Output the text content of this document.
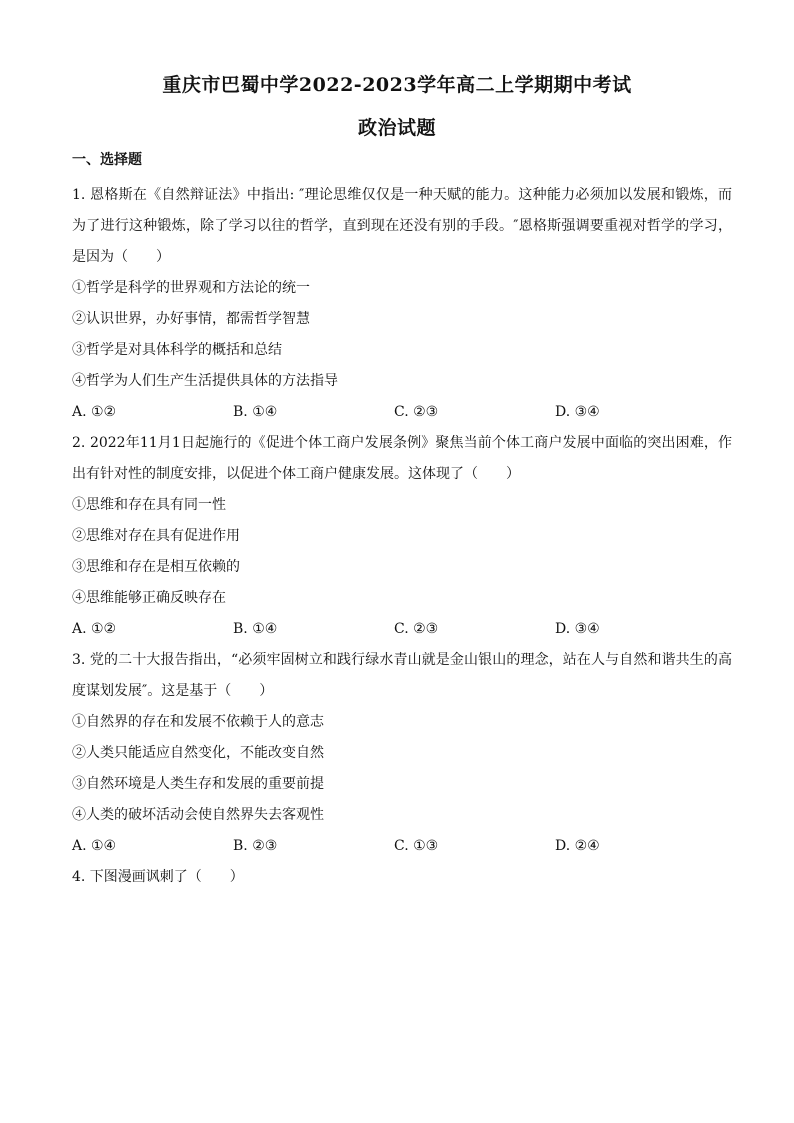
重庆市巴蜀中学2022-2023学年高二上学期期中考试
政治试题
一、选择题
1. 恩格斯在《自然辩证法》中指出: ″理论思维仅仅是一种天赋的能力。这种能力必须加以发展和锻炼，而为了进行这种锻炼，除了学习以往的哲学，直到现在还没有别的手段。″恩格斯强调要重视对哲学的学习，是因为（　　）
①哲学是科学的世界观和方法论的统一
②认识世界，办好事情，都需哲学智慧
③哲学是对具体科学的概括和总结
④哲学为人们生产生活提供具体的方法指导
A. ①②	B. ①④	C. ②③	D. ③④
2. 2022年11月1日起施行的《促进个体工商户发展条例》聚焦当前个体工商户发展中面临的突出困难，作出有针对性的制度安排，以促进个体工商户健康发展。这体现了（　　）
①思维和存在具有同一性
②思维对存在具有促进作用
③思维和存在是相互依赖的
④思维能够正确反映存在
A. ①②	B. ①④	C. ②③	D. ③④
3. 党的二十大报告指出，“必须牢固树立和践行绿水青山就是金山银山的理念，站在人与自然和谐共生的高度谋划发展″。这是基于（　　）
①自然界的存在和发展不依赖于人的意志
②人类只能适应自然变化，不能改变自然
③自然环境是人类生存和发展的重要前提
④人类的破坏活动会使自然界失去客观性
A. ①④	B. ②③	C. ①③	D. ②④
4. 下图漫画讽刺了（　　）
